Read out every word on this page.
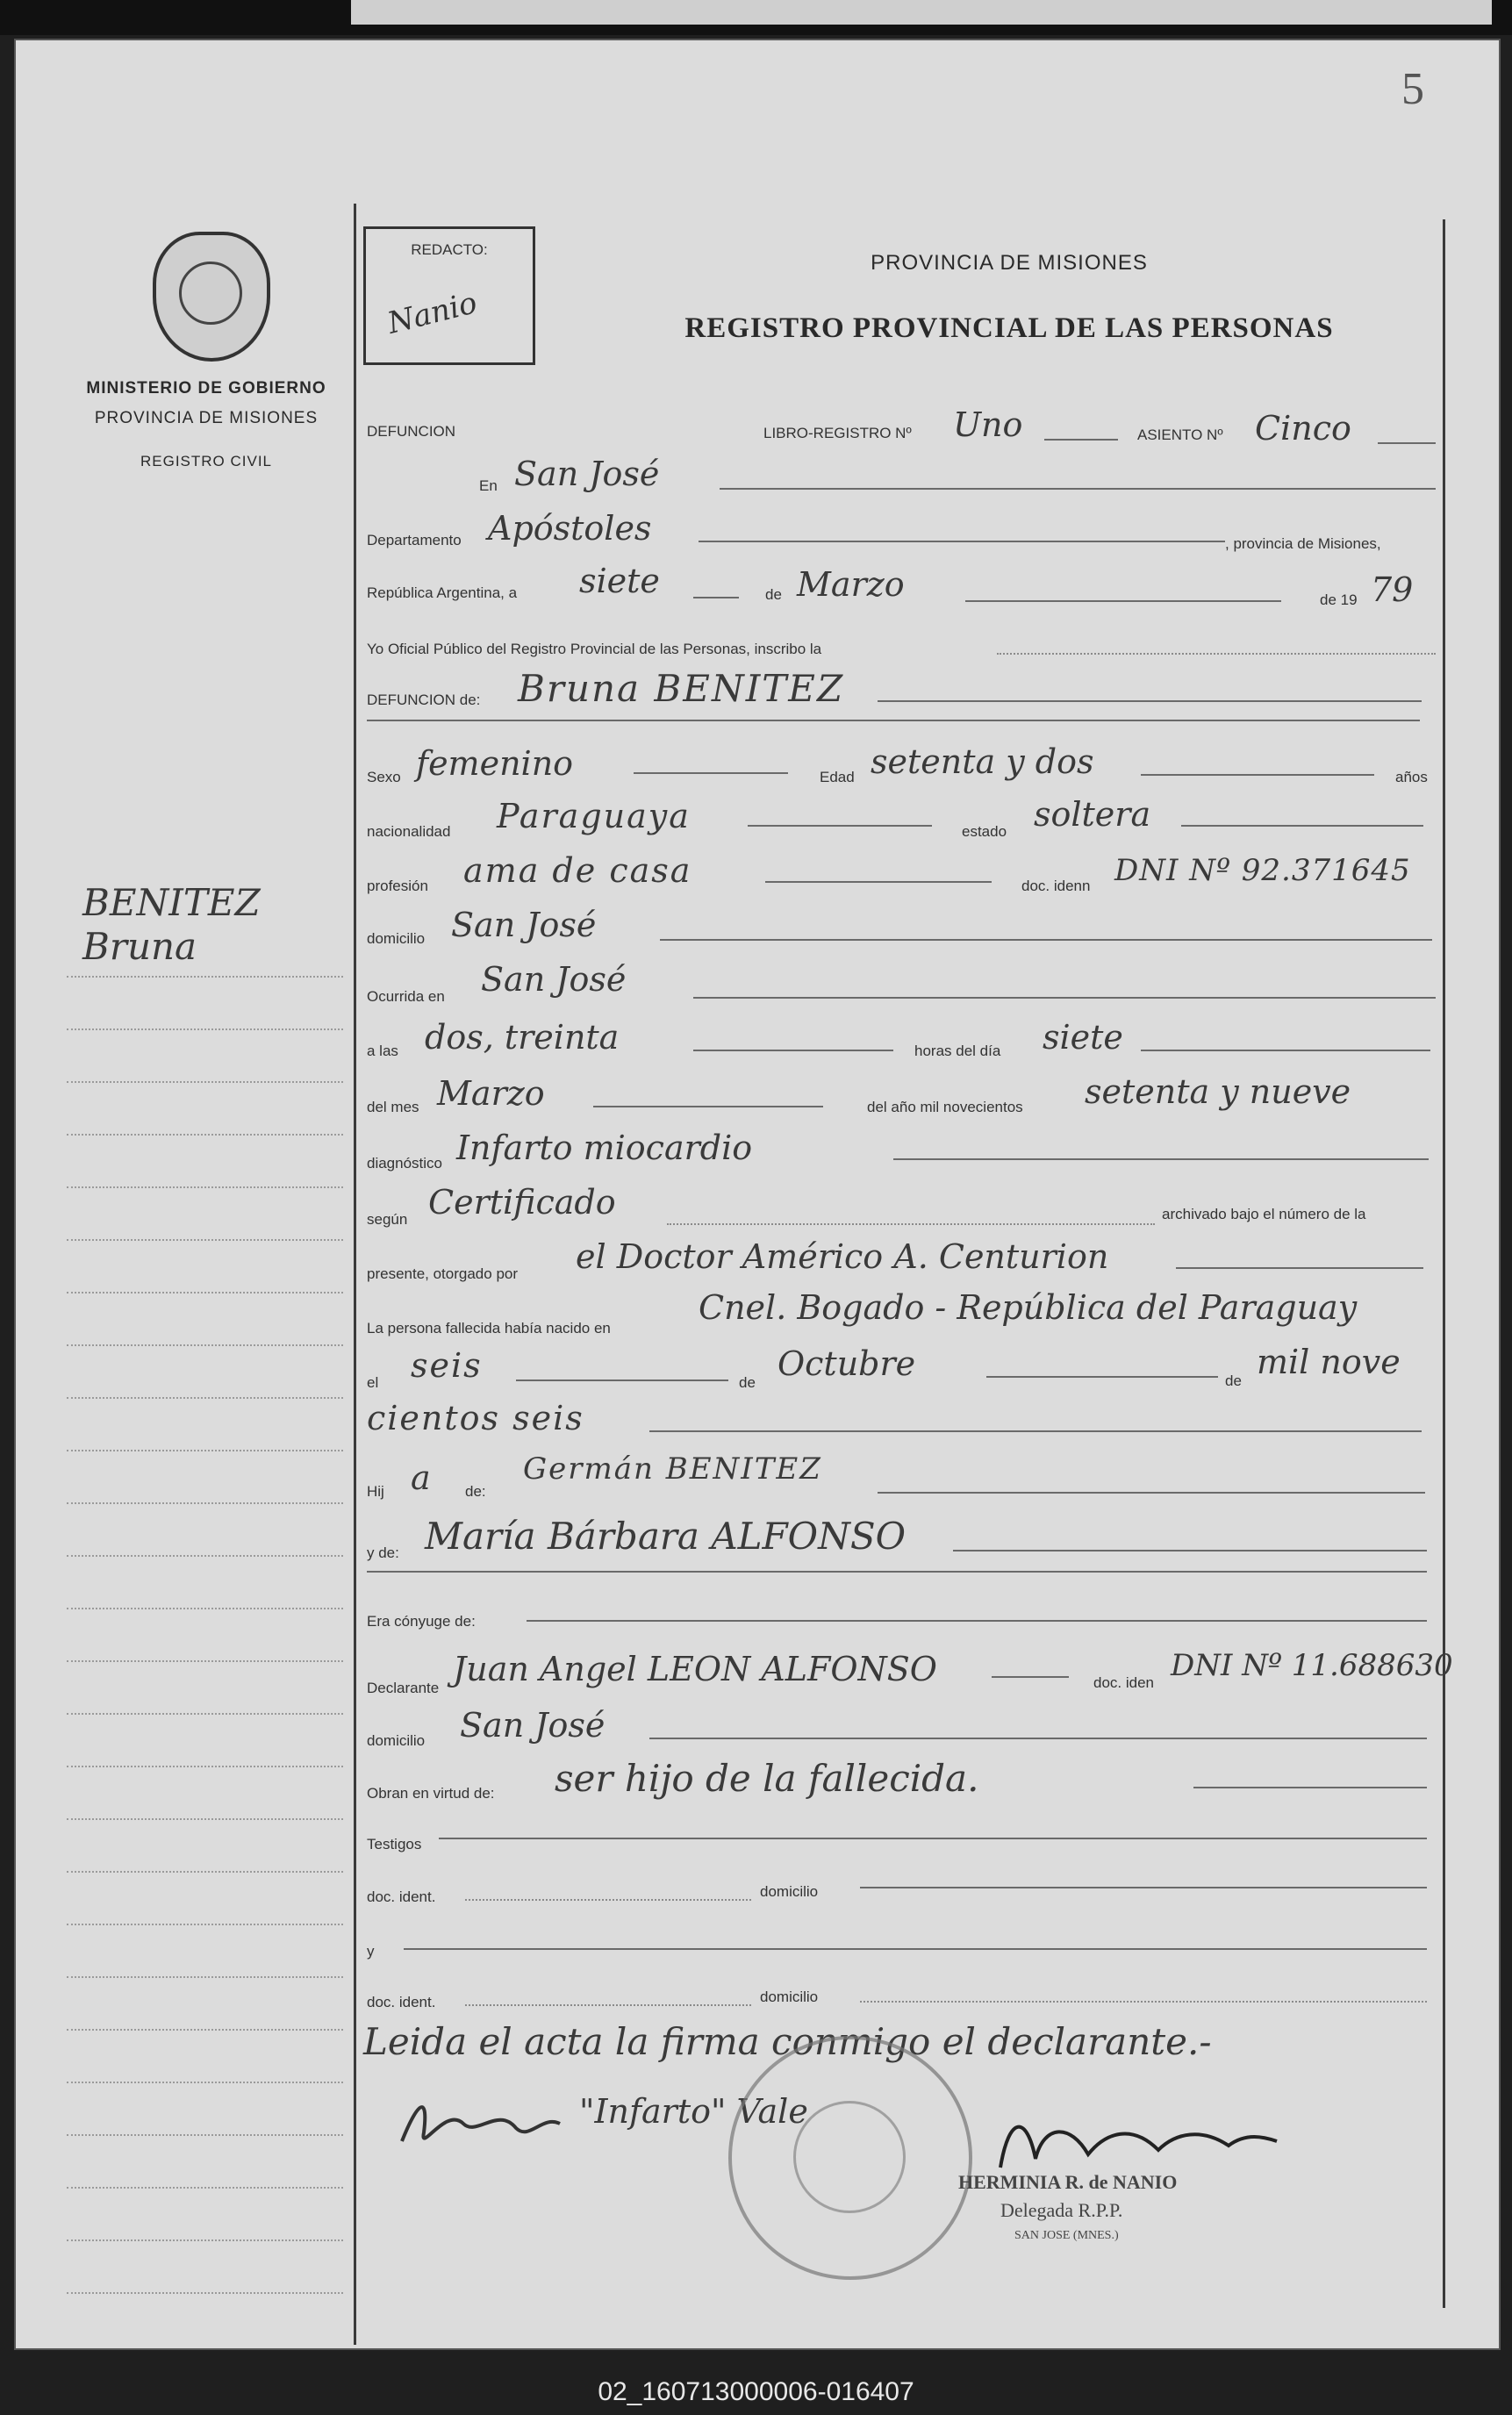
5
MINISTERIO DE GOBIERNO
PROVINCIA DE MISIONES
REGISTRO CIVIL
BENITEZ
Bruna
REDACTO:
Nanio
PROVINCIA DE MISIONES
REGISTRO PROVINCIAL DE LAS PERSONAS
DEFUNCION	LIBRO-REGISTRO Nº Uno	ASIENTO Nº Cinco
En San José
Departamento Apóstoles	, provincia de Misiones,
República Argentina, a siete	de Marzo	de 19 79
Yo Oficial Público del Registro Provincial de las Personas, inscribo la
DEFUNCION de: Bruna BENITEZ
Sexo femenino	Edad setenta y dos	años
nacionalidad Paraguaya	estado soltera
profesión ama de casa	doc. idenn DNI Nº 92.371645
domicilio San José
Ocurrida en San José
a las dos, treinta	horas del día siete
del mes Marzo	del año mil novecientos setenta y nueve
diagnóstico Infarto miocardio
según Certificado	archivado bajo el número de la
presente, otorgado por el Doctor Américo A. Centurion
La persona fallecida había nacido en
Cnel. Bogado - República del Paraguay
el seis	de Octubre	de mil nove
cientos seis
Hij a de:
Germán BENITEZ
y de: María Bárbara ALFONSO
Era cónyuge de:
Declarante Juan Angel LEON ALFONSO	doc. iden DNI Nº 11.688630
domicilio San José
Obran en virtud de: ser hijo de la fallecida.
Testigos
doc. ident.	domicilio
y
doc. ident.	domicilio
Leida el acta la firma conmigo el declarante.-
"Infarto" Vale
HERMINIA R. de NANIO
Delegada R.P.P.
SAN JOSE (MNES.)
02_160713000006-016407
